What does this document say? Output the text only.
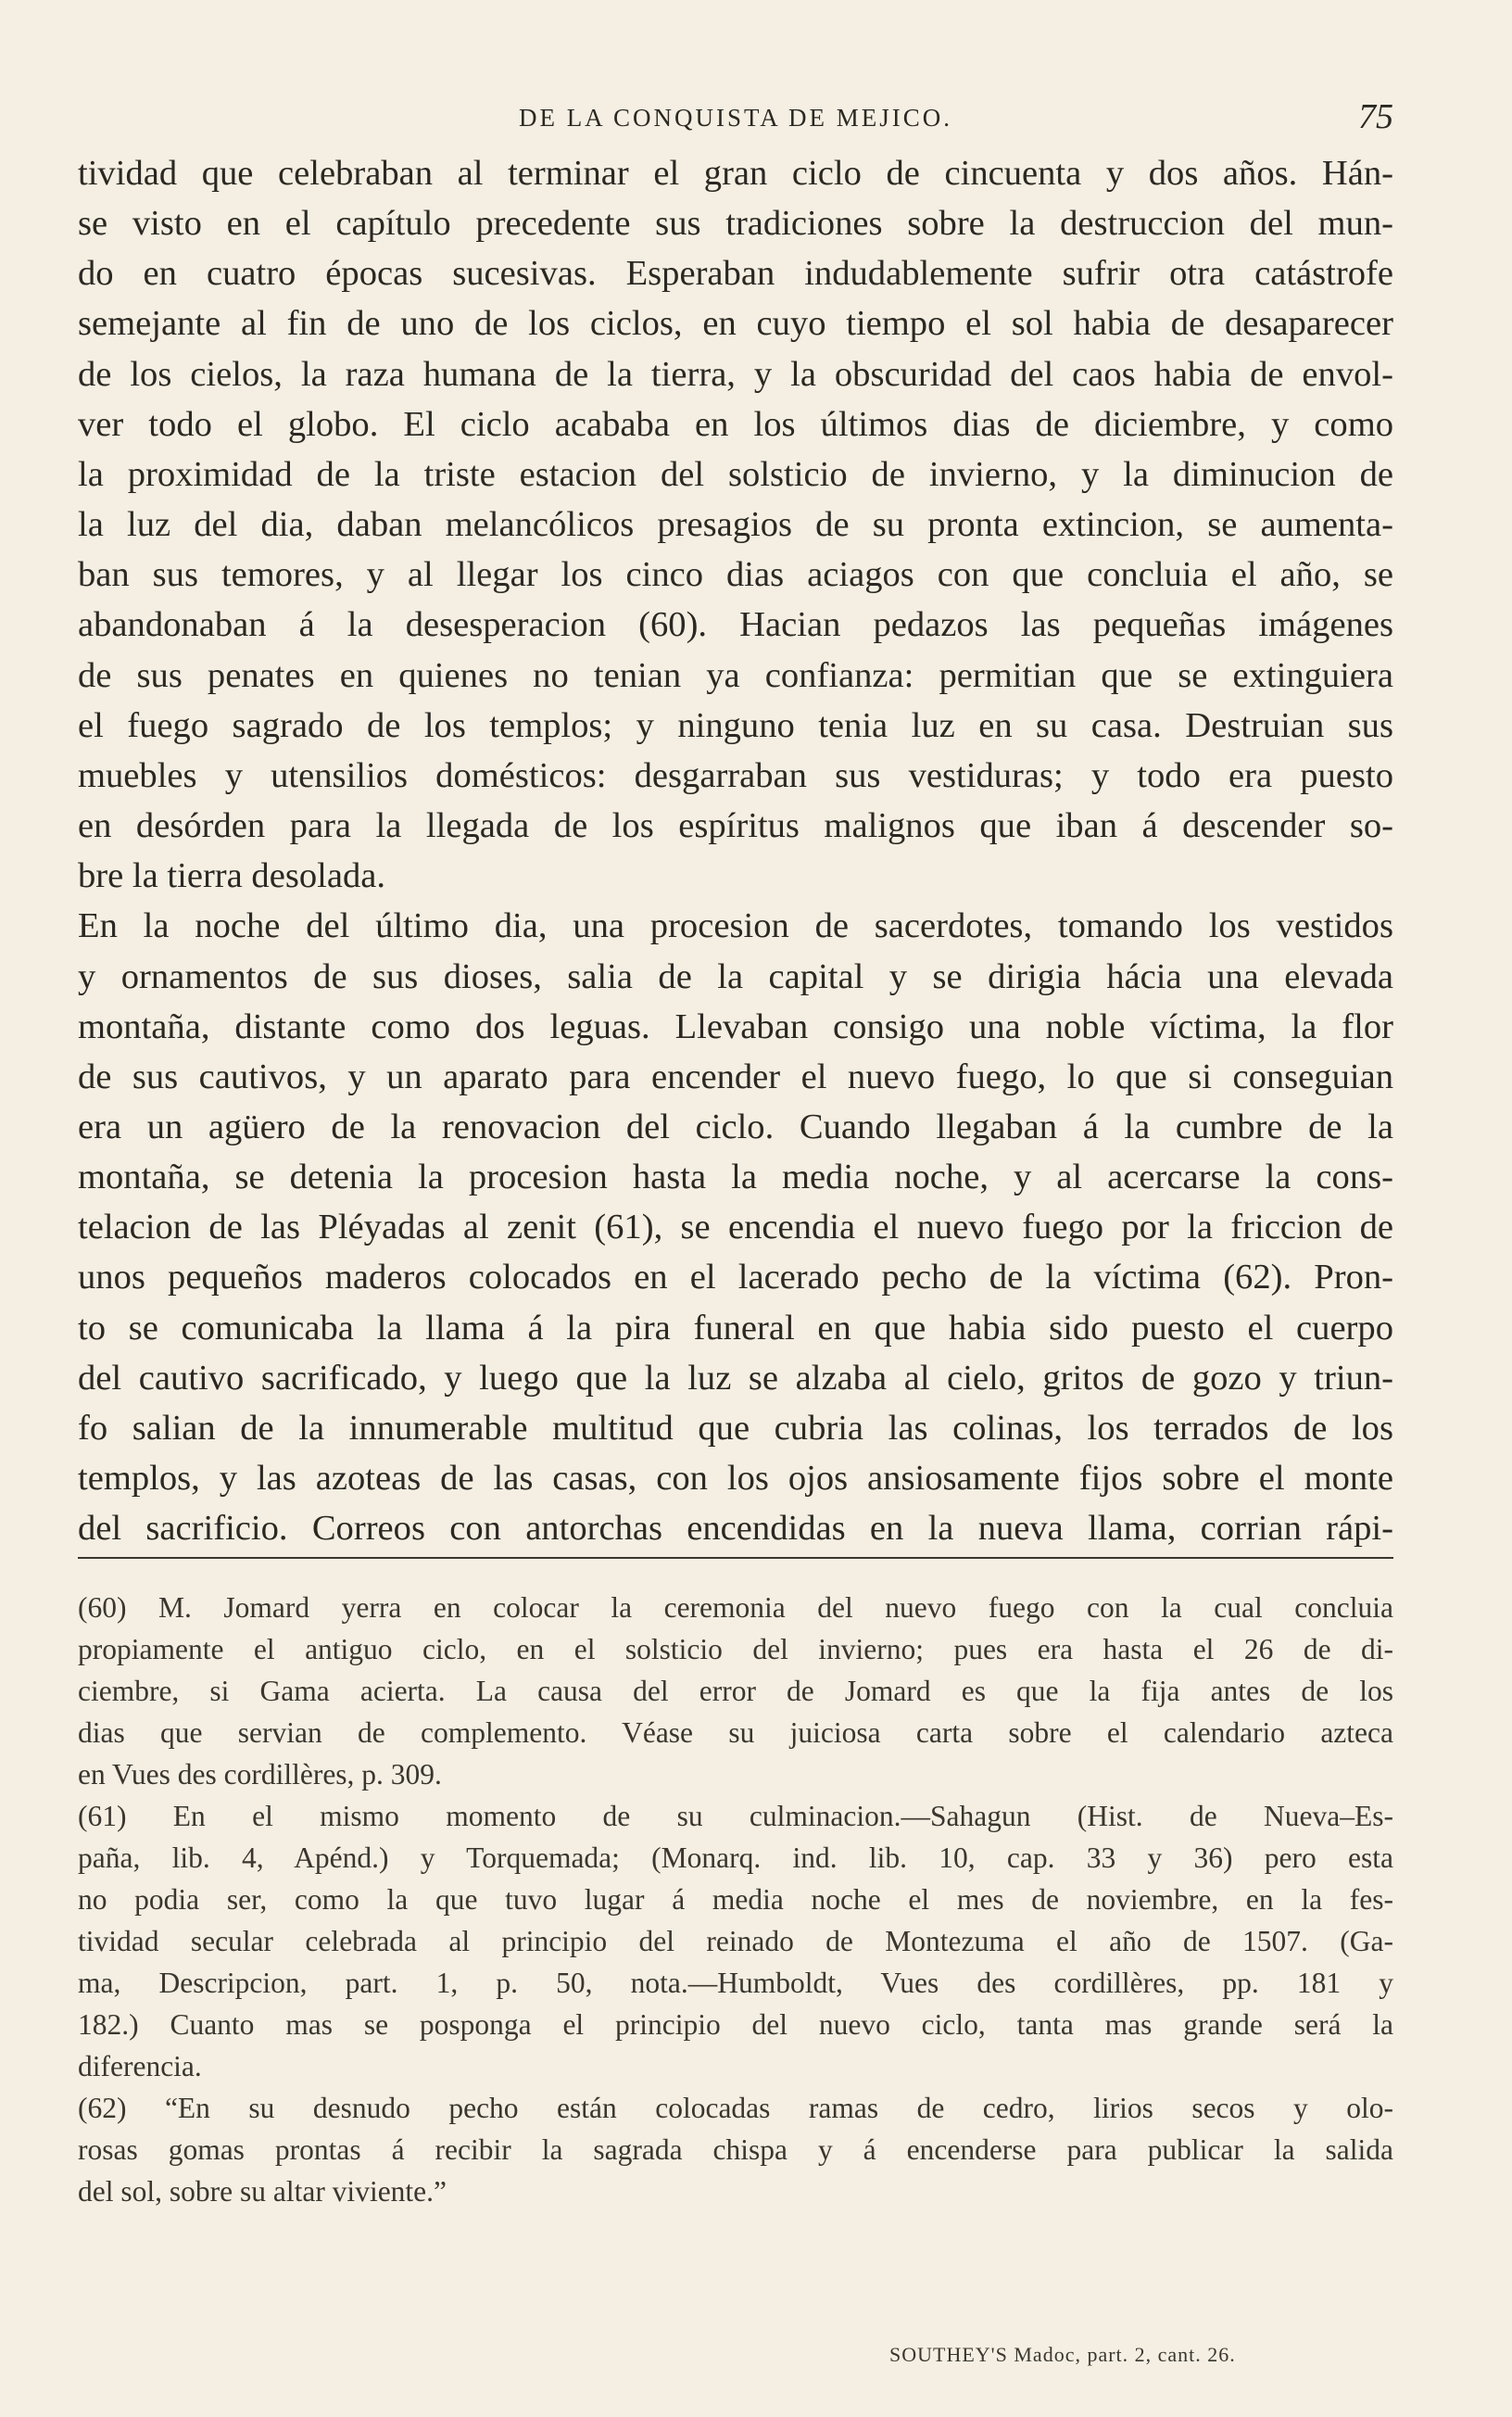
DE LA CONQUISTA DE MEJICO.	75
tividad que celebraban al terminar el gran ciclo de cincuenta y dos años. Hán-
se visto en el capítulo precedente sus tradiciones sobre la destruccion del mun-
do en cuatro épocas sucesivas. Esperaban indudablemente sufrir otra catástrofe
semejante al fin de uno de los ciclos, en cuyo tiempo el sol habia de desaparecer
de los cielos, la raza humana de la tierra, y la obscuridad del caos habia de envol-
ver todo el globo. El ciclo acababa en los últimos dias de diciembre, y como
la proximidad de la triste estacion del solsticio de invierno, y la diminucion de
la luz del dia, daban melancólicos presagios de su pronta extincion, se aumenta-
ban sus temores, y al llegar los cinco dias aciagos con que concluia el año, se
abandonaban á la desesperacion (60). Hacian pedazos las pequeñas imágenes
de sus penates en quienes no tenian ya confianza: permitian que se extinguiera
el fuego sagrado de los templos; y ninguno tenia luz en su casa. Destruian sus
muebles y utensilios domésticos: desgarraban sus vestiduras; y todo era puesto
en desórden para la llegada de los espíritus malignos que iban á descender so-
bre la tierra desolada.
En la noche del último dia, una procesion de sacerdotes, tomando los vestidos
y ornamentos de sus dioses, salia de la capital y se dirigia hácia una elevada
montaña, distante como dos leguas. Llevaban consigo una noble víctima, la flor
de sus cautivos, y un aparato para encender el nuevo fuego, lo que si conseguian
era un agüero de la renovacion del ciclo. Cuando llegaban á la cumbre de la
montaña, se detenia la procesion hasta la media noche, y al acercarse la cons-
telacion de las Pléyadas al zenit (61), se encendia el nuevo fuego por la friccion de
unos pequeños maderos colocados en el lacerado pecho de la víctima (62). Pron-
to se comunicaba la llama á la pira funeral en que habia sido puesto el cuerpo
del cautivo sacrificado, y luego que la luz se alzaba al cielo, gritos de gozo y triun-
fo salian de la innumerable multitud que cubria las colinas, los terrados de los
templos, y las azoteas de las casas, con los ojos ansiosamente fijos sobre el monte
del sacrificio. Correos con antorchas encendidas en la nueva llama, corrian rápi-
(60) M. Jomard yerra en colocar la ceremonia del nuevo fuego con la cual concluia
propiamente el antiguo ciclo, en el solsticio del invierno; pues era hasta el 26 de di-
ciembre, si Gama acierta. La causa del error de Jomard es que la fija antes de los
dias que servian de complemento. Véase su juiciosa carta sobre el calendario azteca
en Vues des cordillères, p. 309.
(61) En el mismo momento de su culminacion.—Sahagun (Hist. de Nueva–Es-
paña, lib. 4, Apénd.) y Torquemada; (Monarq. ind. lib. 10, cap. 33 y 36) pero esta
no podia ser, como la que tuvo lugar á media noche el mes de noviembre, en la fes-
tividad secular celebrada al principio del reinado de Montezuma el año de 1507. (Ga-
ma, Descripcion, part. 1, p. 50, nota.—Humboldt, Vues des cordillères, pp. 181 y
182.) Cuanto mas se posponga el principio del nuevo ciclo, tanta mas grande será la
diferencia.
(62) “En su desnudo pecho están colocadas ramas de cedro, lirios secos y olo-
rosas gomas prontas á recibir la sagrada chispa y á encenderse para publicar la salida
del sol, sobre su altar viviente.”
SOUTHEY'S Madoc, part. 2, cant. 26.
